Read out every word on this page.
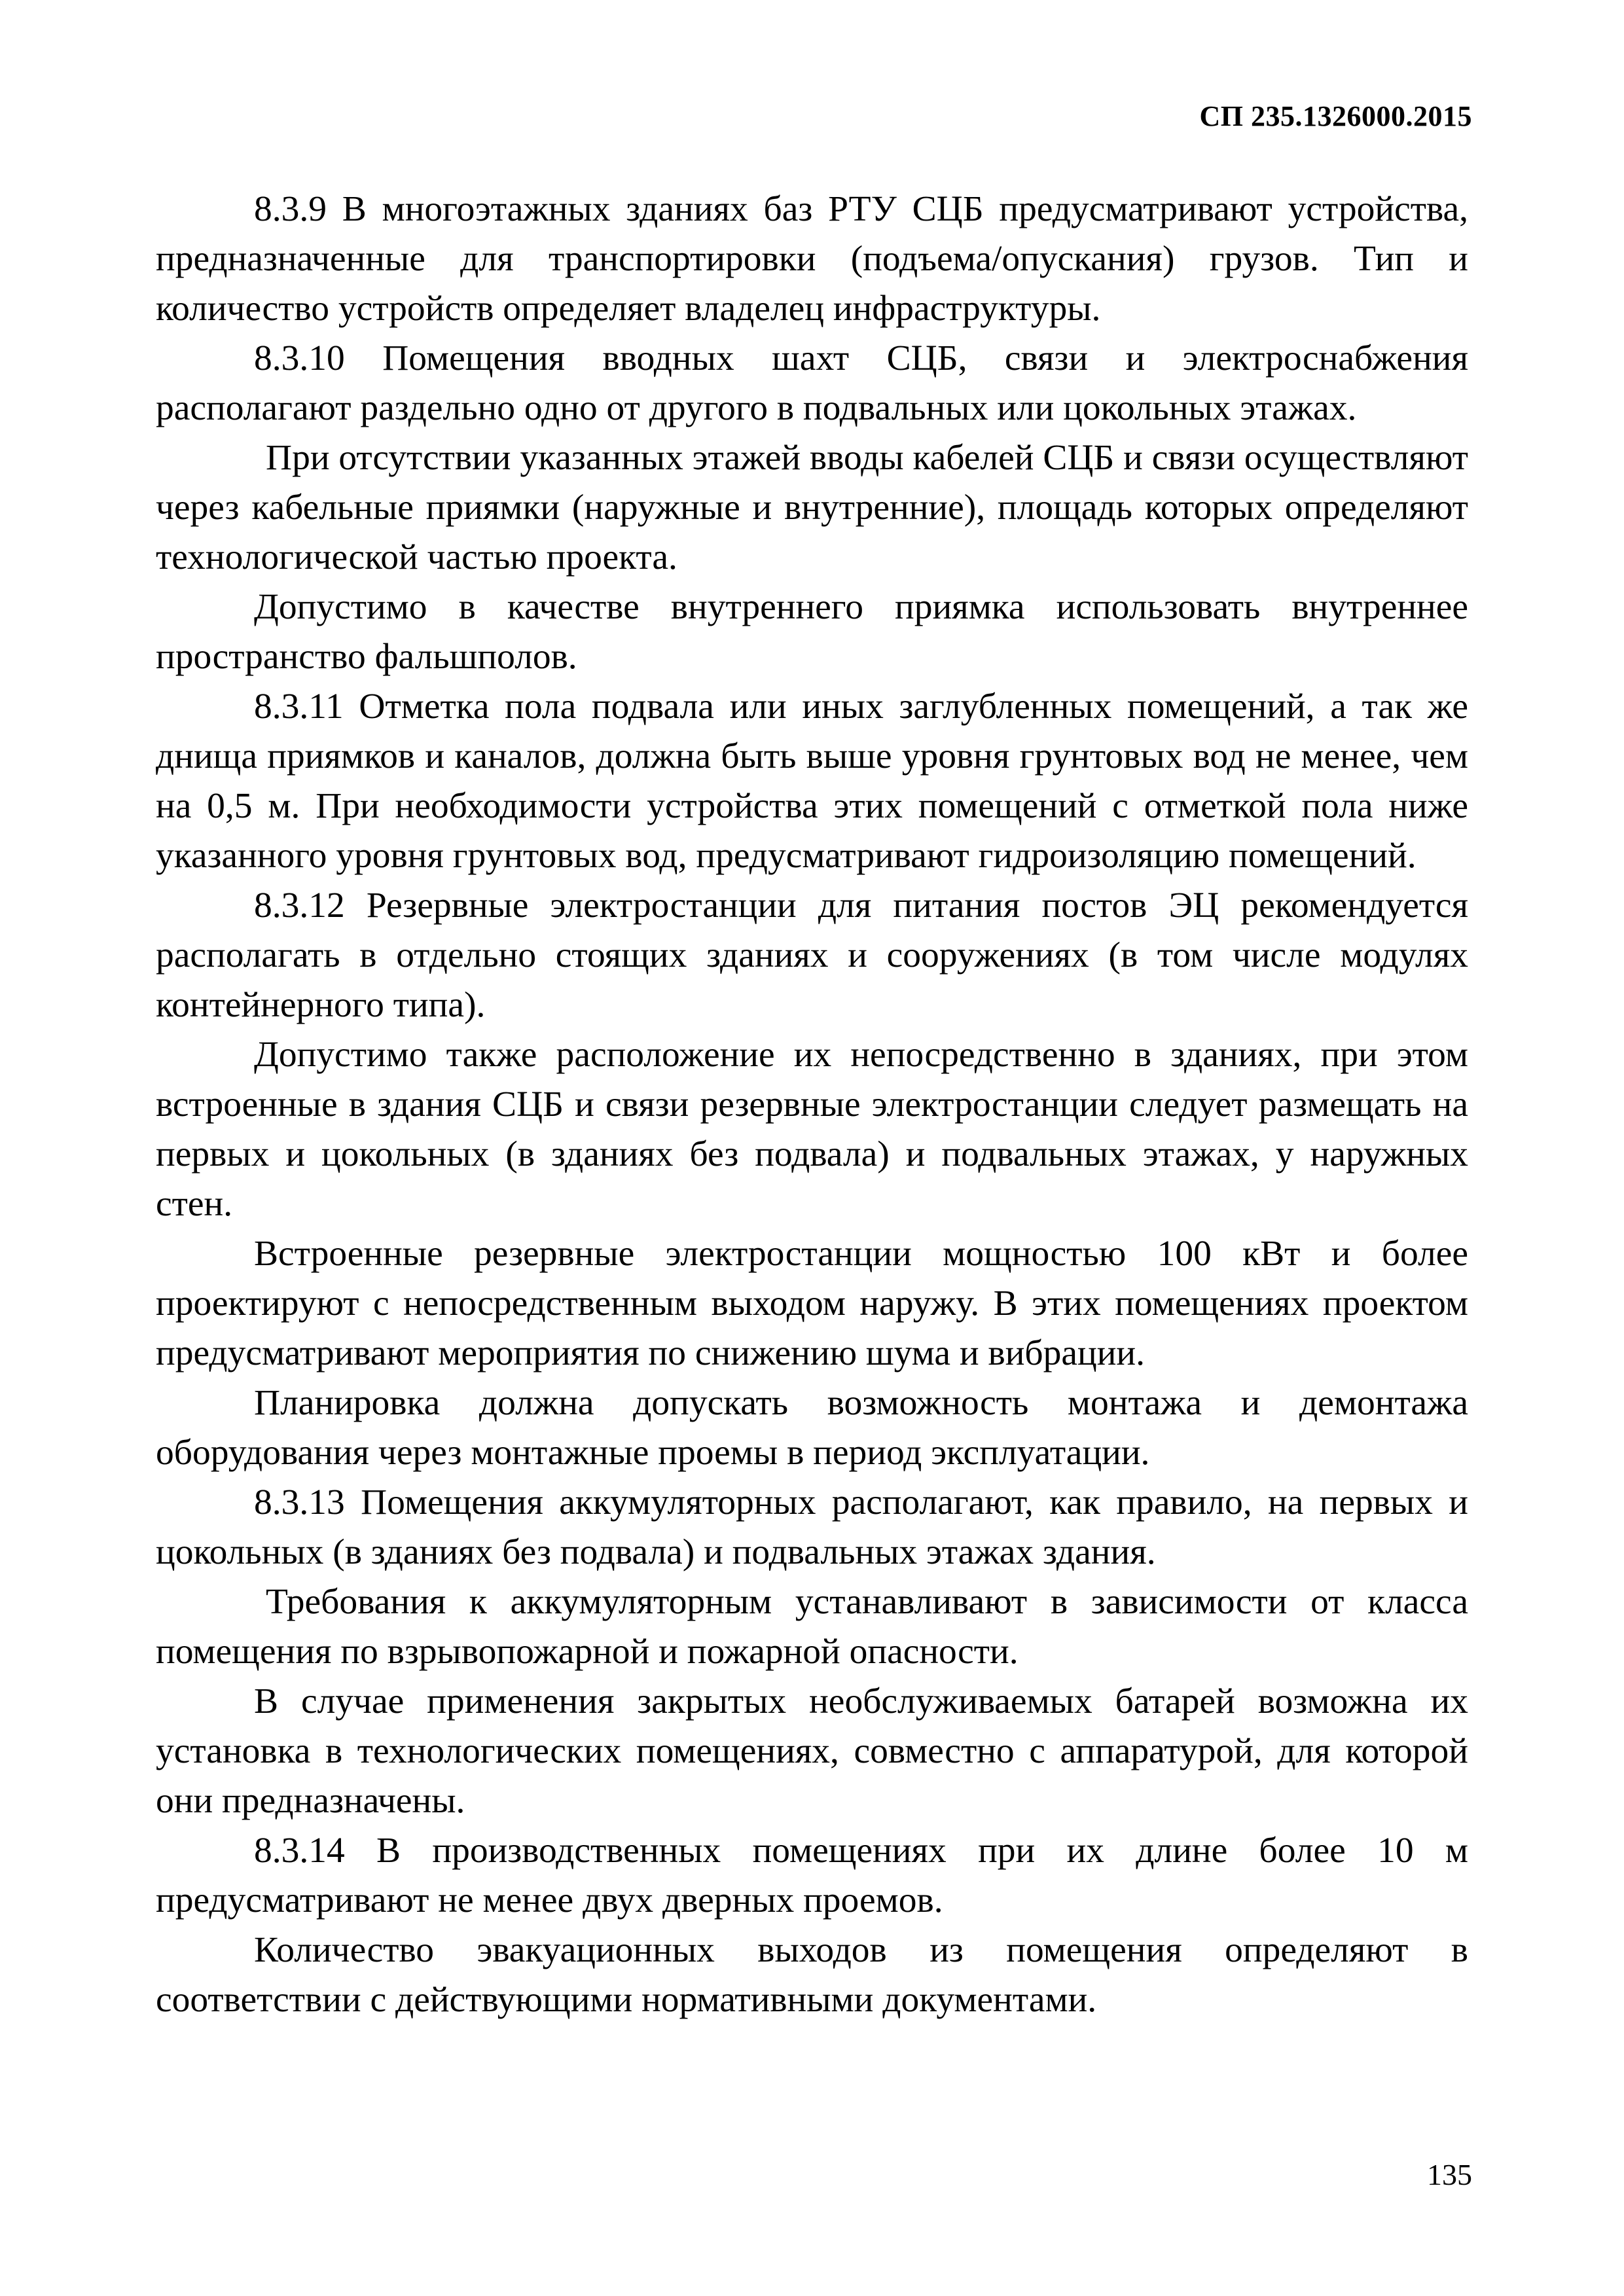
СП 235.1326000.2015

8.3.9 В многоэтажных зданиях баз РТУ СЦБ предусматривают устройства, предназначенные для транспортировки (подъема/опускания) грузов. Тип и количество устройств определяет владелец инфраструктуры.

8.3.10 Помещения вводных шахт СЦБ, связи и электроснабжения располагают раздельно одно от другого в подвальных или цокольных этажах.

При отсутствии указанных этажей вводы кабелей СЦБ и связи осуществляют через кабельные приямки (наружные и внутренние), площадь которых определяют технологической частью проекта.

Допустимо в качестве внутреннего приямка использовать внутреннее пространство фальшполов.

8.3.11 Отметка пола подвала или иных заглубленных помещений, а так же днища приямков и каналов, должна быть выше уровня грунтовых вод не менее, чем на 0,5 м. При необходимости устройства этих помещений с отметкой пола ниже указанного уровня грунтовых вод, предусматривают гидроизоляцию помещений.

8.3.12 Резервные электростанции для питания постов ЭЦ рекомендуется располагать в отдельно стоящих зданиях и сооружениях (в том числе модулях контейнерного типа).

Допустимо также расположение их непосредственно в зданиях, при этом встроенные в здания СЦБ и связи резервные электростанции следует размещать на первых и цокольных (в зданиях без подвала) и подвальных этажах, у наружных стен.

Встроенные резервные электростанции мощностью 100 кВт и более проектируют с непосредственным выходом наружу. В этих помещениях проектом предусматривают мероприятия по снижению шума и вибрации.

Планировка должна допускать возможность монтажа и демонтажа оборудования через монтажные проемы в период эксплуатации.

8.3.13 Помещения аккумуляторных располагают, как правило, на первых и цокольных (в зданиях без подвала) и подвальных этажах здания.

Требования к аккумуляторным устанавливают в зависимости от класса помещения по взрывопожарной и пожарной опасности.

В случае применения закрытых необслуживаемых батарей возможна их установка в технологических помещениях, совместно с аппаратурой, для которой они предназначены.

8.3.14 В производственных помещениях при их длине более 10 м предусматривают не менее двух дверных проемов.

Количество эвакуационных выходов из помещения определяют в соответствии с действующими нормативными документами.

135
